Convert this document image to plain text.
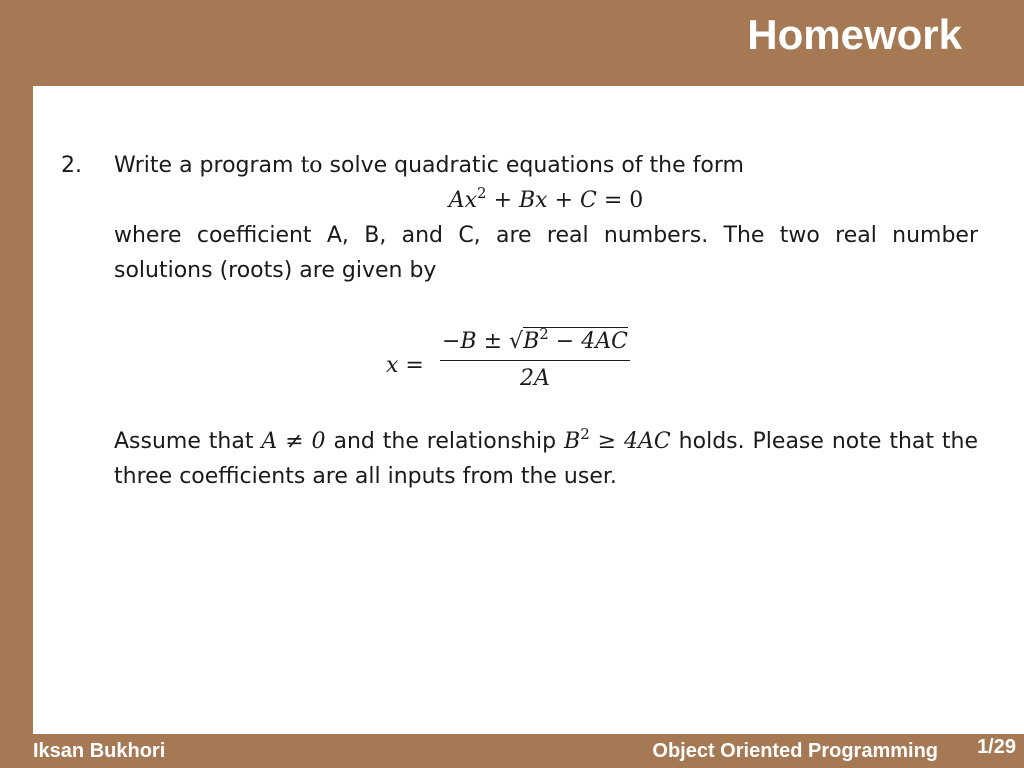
Homework
2. Write a program to solve quadratic equations of the form

$Ax^2 + Bx + C = 0$

where coefficient A, B, and C, are real numbers. The two real number solutions (roots) are given by

$x = \frac{-B \pm √B^2 - 4AC}{2A}$

Assume that A ≠ 0 and the relationship $B^2 \ge 4AC$ holds. Please note that the three coefficients are all inputs from the user.

Iksan Bukhori	Object Oriented Programming 1/29
